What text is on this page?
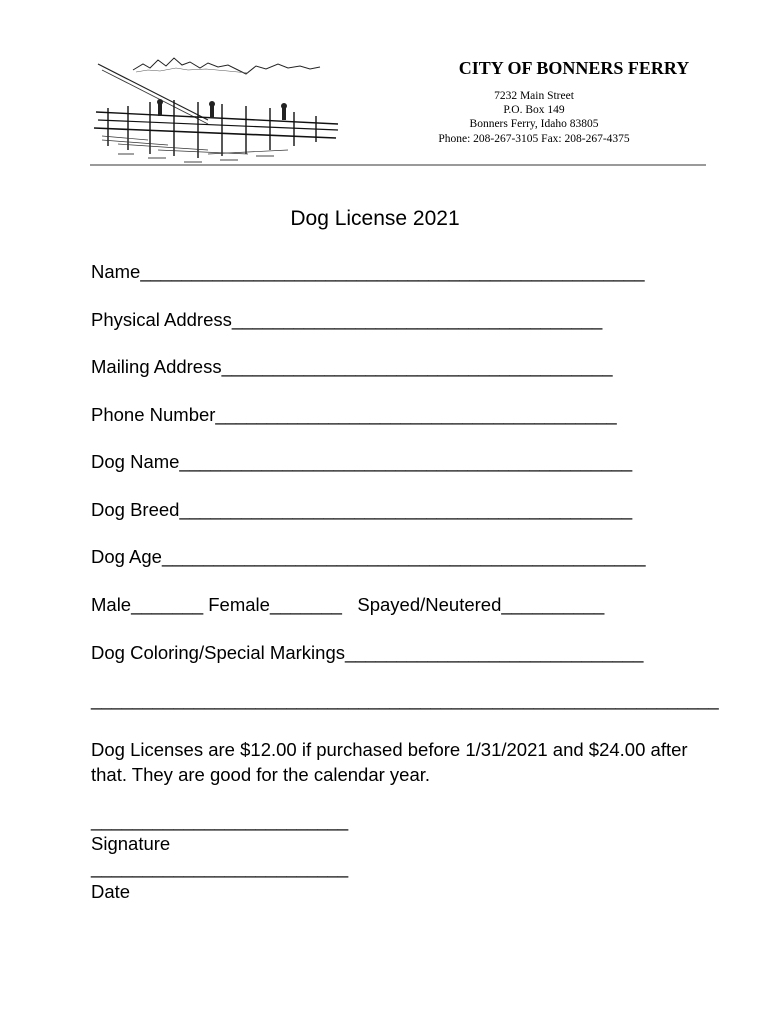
CITY OF BONNERS FERRY
7232 Main Street
P.O. Box 149
Bonners Ferry, Idaho 83805
Phone: 208-267-3105 Fax: 208-267-4375
Dog License 2021
Name_________________________________________________
Physical Address____________________________________
Mailing Address______________________________________
Phone Number_______________________________________
Dog Name____________________________________________
Dog Breed____________________________________________
Dog Age_______________________________________________
Male_______ Female_______   Spayed/Neutered__________
Dog Coloring/Special Markings_____________________________
_____________________________________________________________
Dog Licenses are $12.00 if purchased before 1/31/2021 and $24.00 after that. They are good for the calendar year.
_________________________
Signature
_________________________
Date
